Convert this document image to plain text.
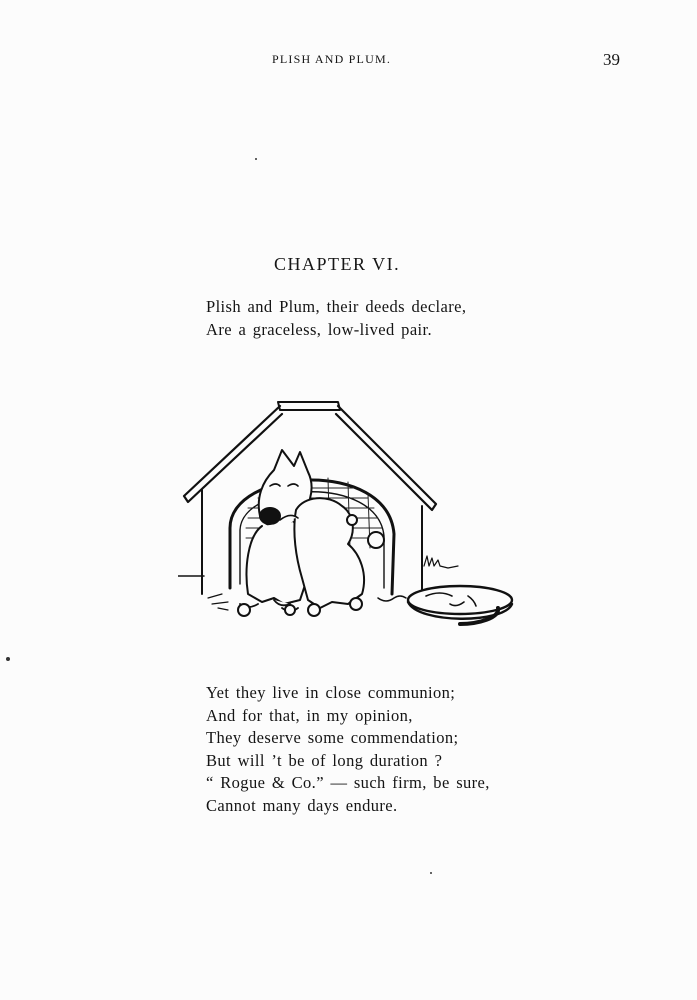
PLISH AND PLUM.	39
CHAPTER VI.
Plish and Plum, their deeds declare,
Are a graceless, low-lived pair.
Yet they live in close communion;
And for that, in my opinion,
They deserve some commendation;
But will ’t be of long duration ?
“ Rogue & Co.” — such firm, be sure,
Cannot many days endure.
